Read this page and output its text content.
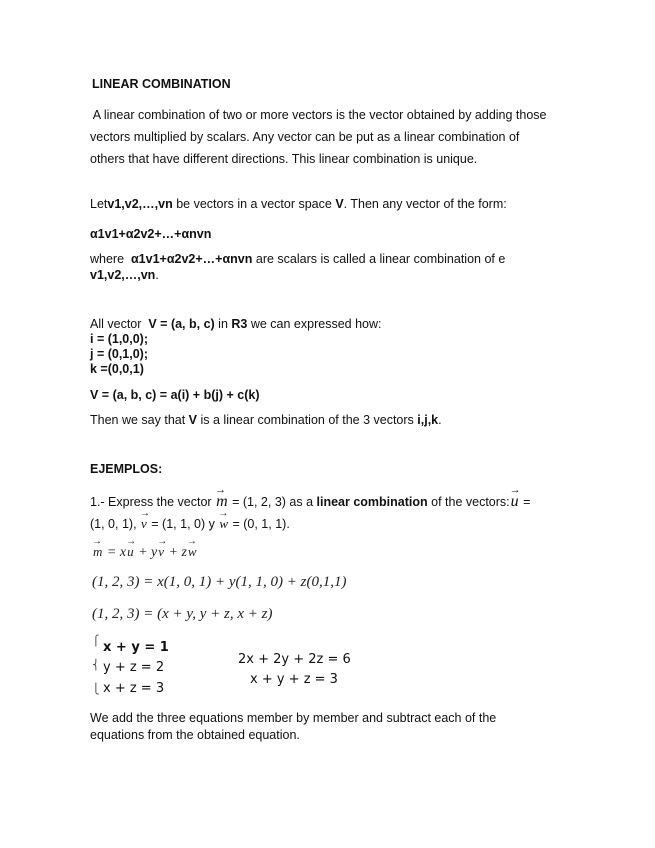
LINEAR COMBINATION
A linear combination of two or more vectors is the vector obtained by adding those
vectors multiplied by scalars. Any vector can be put as a linear combination of
others that have different directions. This linear combination is unique.
Letv1,v2,…,vn be vectors in a vector space V. Then any vector of the form:
α1v1+α2v2+…+αnvn
where  α1v1+α2v2+…+αnvn are scalars is called a linear combination of e
v1,v2,…,vn.
All vector  V = (a, b, c) in R3 we can expressed how:
i = (1,0,0);
j = (0,1,0);
k =(0,0,1)
V = (a, b, c) = a(i) + b(j) + c(k)
Then we say that V is a linear combination of the 3 vectors i,j,k.
EJEMPLOS:
1.- Express the vector
→
m = (1, 2, 3) as a linear combination of the vectors:
→
u =
(1, 0, 1),
→
v = (1, 1, 0) y
→
w = (0, 1, 1).
→
m = x
→
u + y
→
v + z
→
w
(1, 2, 3) = x(1, 0, 1) + y(1, 1, 0) + z(0,1,1)
(1, 2, 3) = (x + y, y + z, x + z)
⎧
⎨
⎩
x + y = 1
y + z = 2
x + z = 3
2x + 2y + 2z = 6
x + y + z = 3
We add the three equations member by member and subtract each of the
equations from the obtained equation.
